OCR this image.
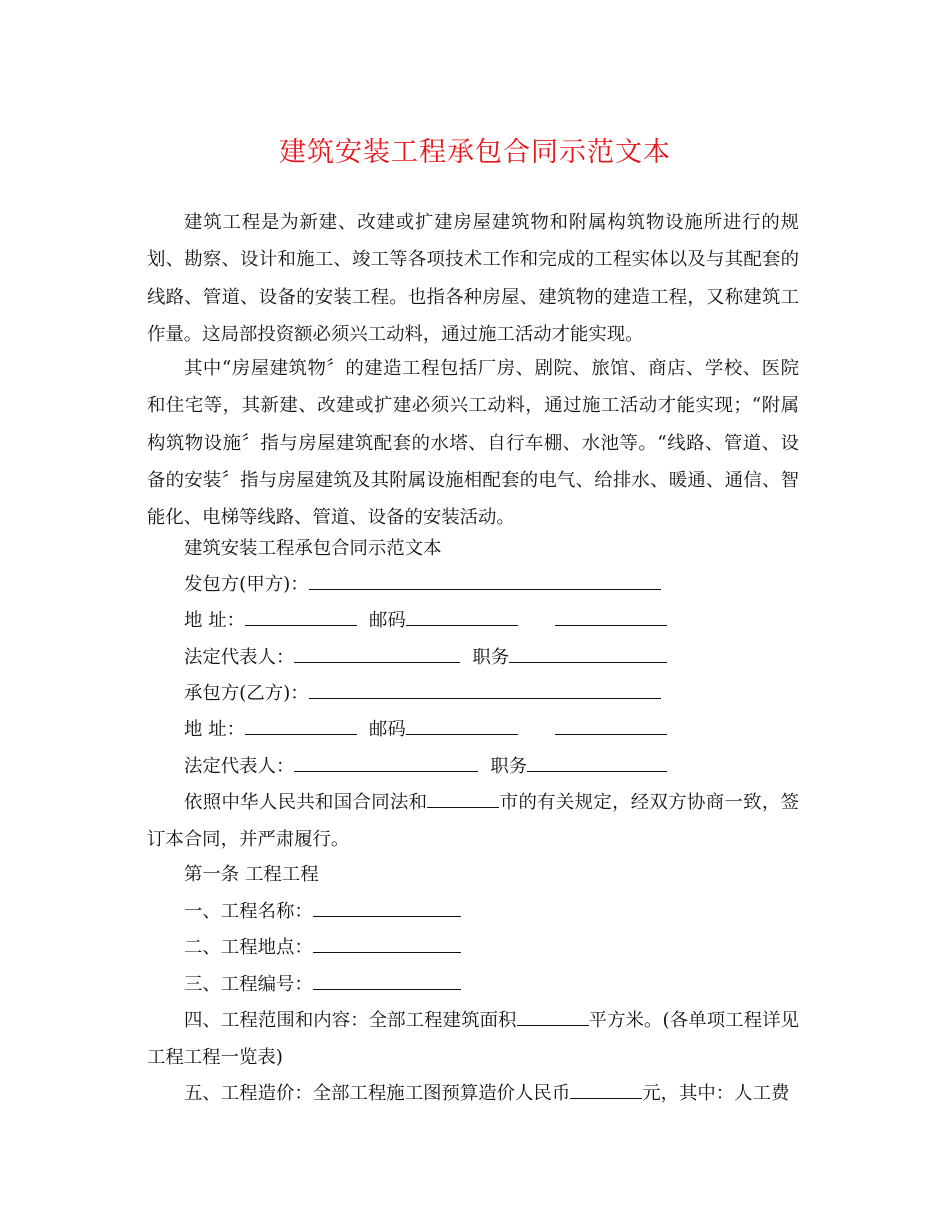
建筑安装工程承包合同示范文本

建筑工程是为新建、改建或扩建房屋建筑物和附属构筑物设施所进行的规划、勘察、设计和施工、竣工等各项技术工作和完成的工程实体以及与其配套的线路、管道、设备的安装工程。也指各种房屋、建筑物的建造工程，又称建筑工作量。这局部投资额必须兴工动料，通过施工活动才能实现。

其中“房屋建筑物〞的建造工程包括厂房、剧院、旅馆、商店、学校、医院和住宅等，其新建、改建或扩建必须兴工动料，通过施工活动才能实现；“附属构筑物设施〞指与房屋建筑配套的水塔、自行车棚、水池等。“线路、管道、设备的安装〞指与房屋建筑及其附属设施相配套的电气、给排水、暖通、通信、智能化、电梯等线路、管道、设备的安装活动。

建筑安装工程承包合同示范文本

发包方(甲方)：

地 址：	邮码

法定代表人：	职务

承包方(乙方)：

地 址：	邮码

法定代表人：	职务

依照中华人民共和国合同法和	市的有关规定，经双方协商一致，签订本合同，并严肃履行。

第一条 工程工程

一、工程名称：

二、工程地点：

三、工程编号：

四、工程范围和内容：全部工程建筑面积	平方米。(各单项工程详见工程工程一览表)

五、工程造价：全部工程施工图预算造价人民币	元，其中：人工费
